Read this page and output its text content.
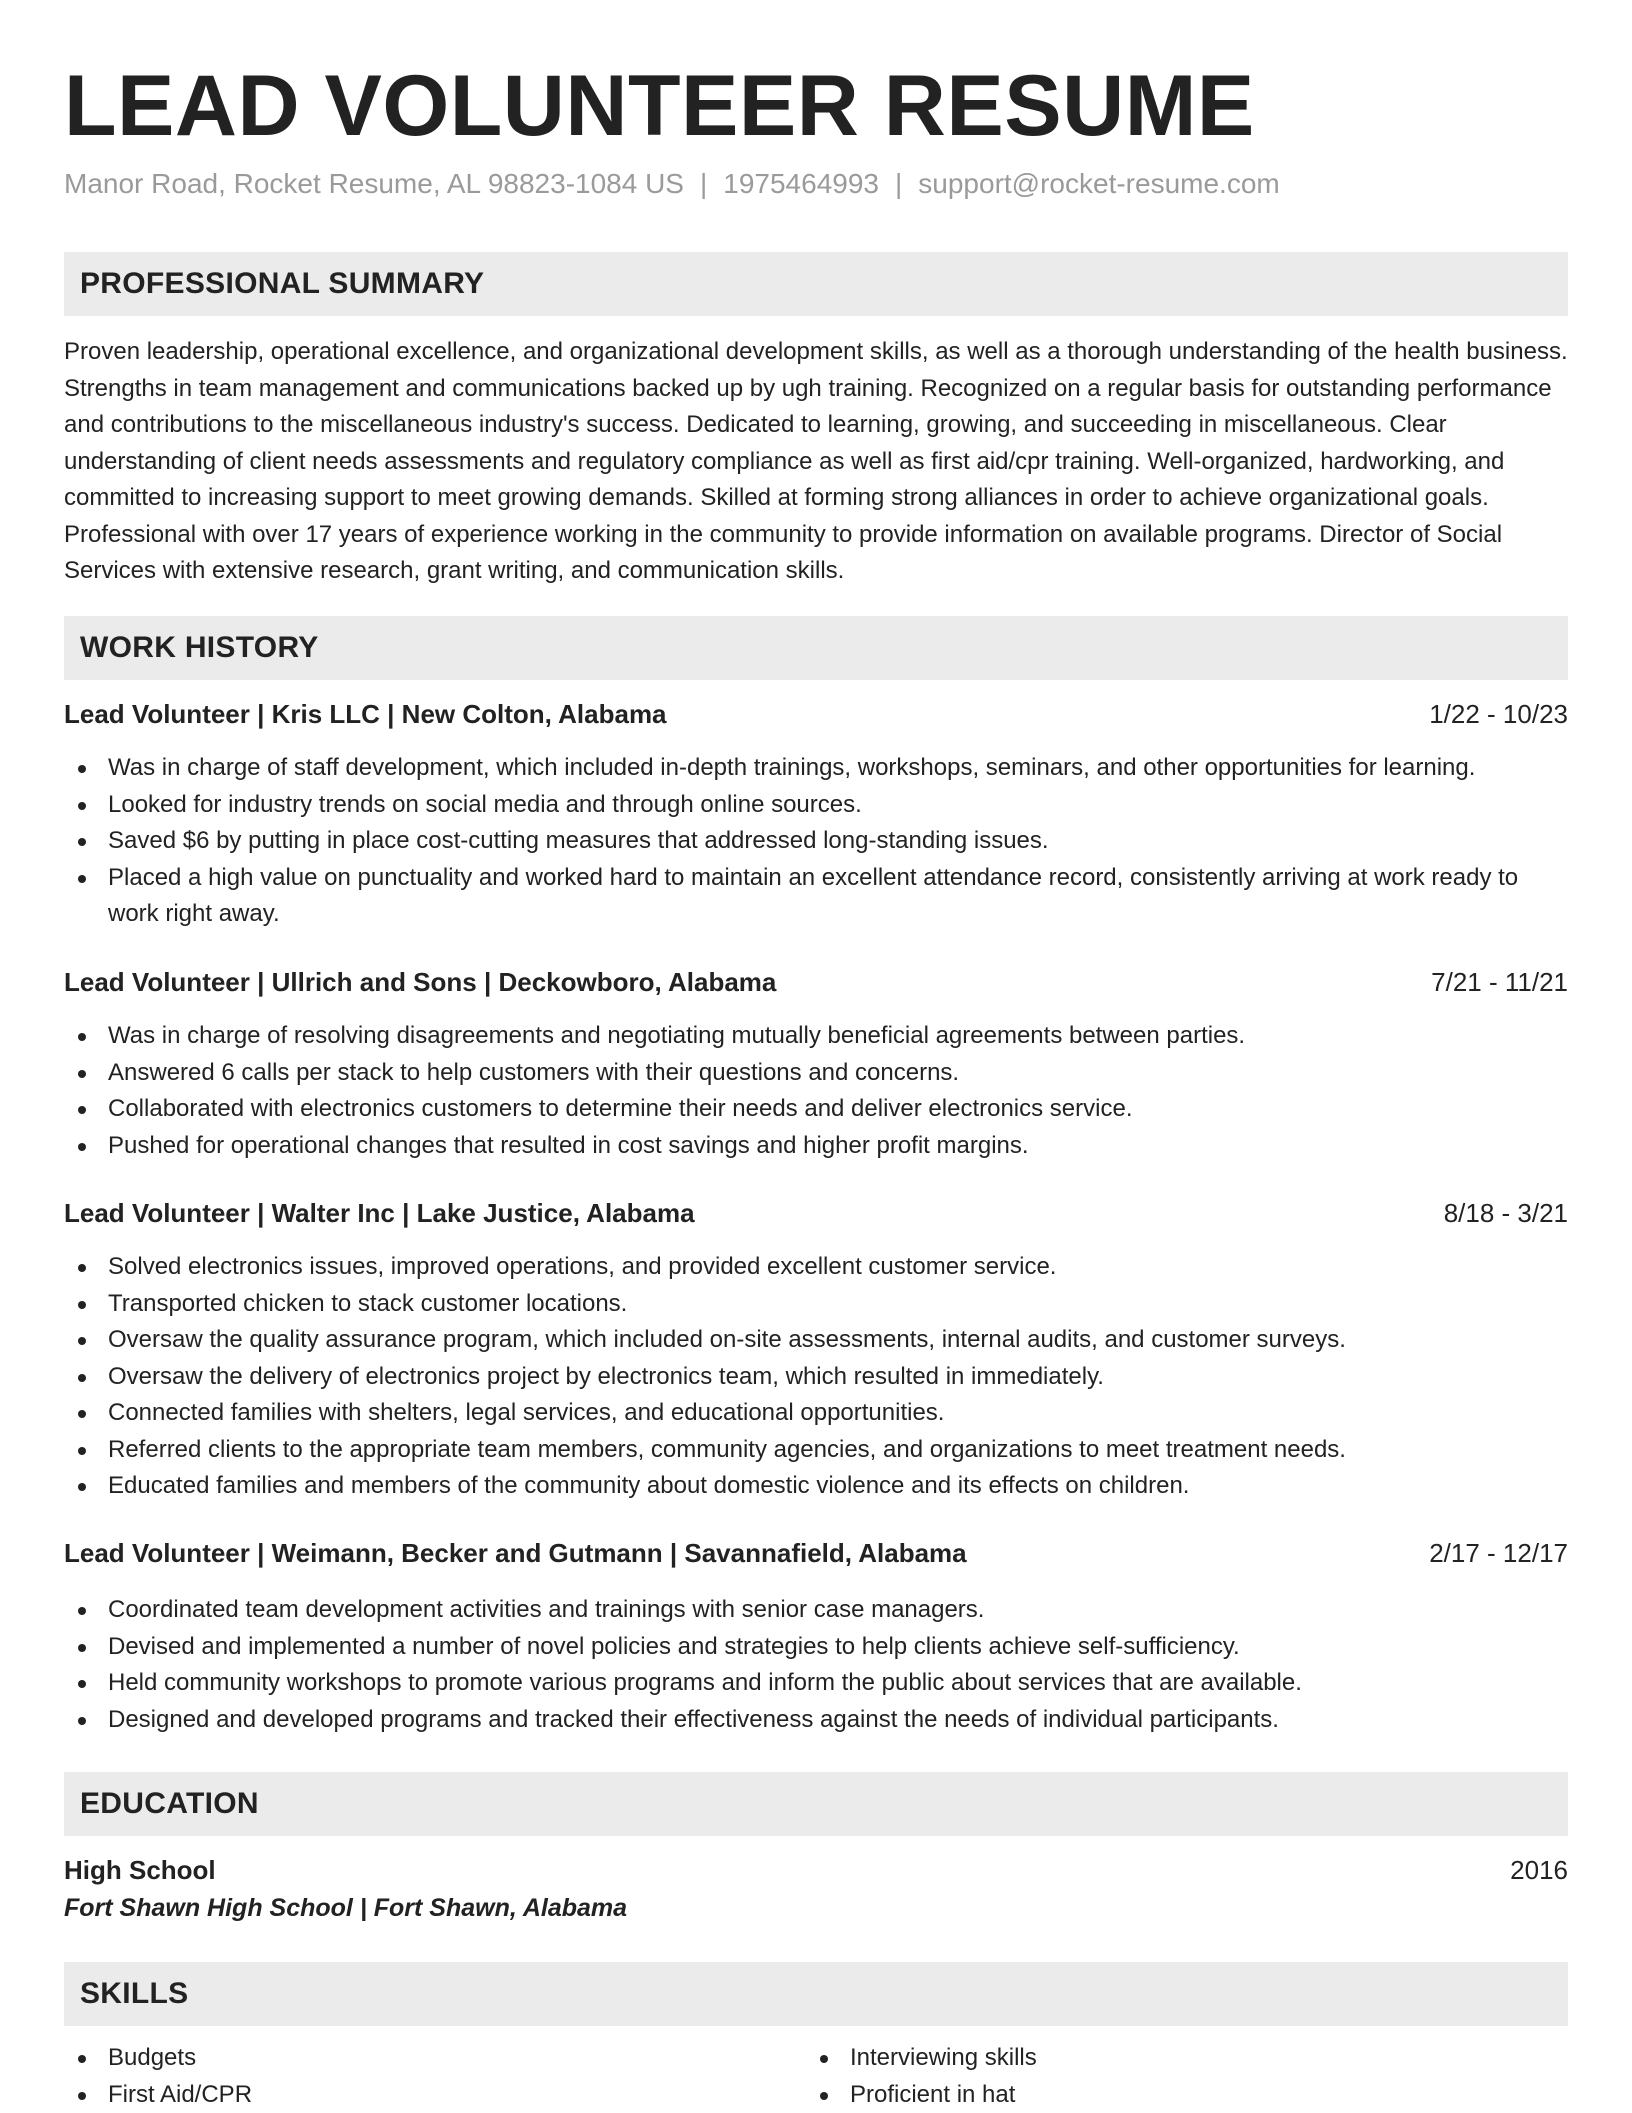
LEAD VOLUNTEER RESUME
Manor Road, Rocket Resume, AL 98823-1084 US | 1975464993 | support@rocket-resume.com
PROFESSIONAL SUMMARY

Proven leadership, operational excellence, and organizational development skills, as well as a thorough understanding of the health business. Strengths in team management and communications backed up by ugh training. Recognized on a regular basis for outstanding performance and contributions to the miscellaneous industry's success. Dedicated to learning, growing, and succeeding in miscellaneous. Clear understanding of client needs assessments and regulatory compliance as well as first aid/cpr training. Well-organized, hardworking, and committed to increasing support to meet growing demands. Skilled at forming strong alliances in order to achieve organizational goals. Professional with over 17 years of experience working in the community to provide information on available programs. Director of Social Services with extensive research, grant writing, and communication skills.

WORK HISTORY
Lead Volunteer | Kris LLC | New Colton, Alabama	1/22 - 10/23
Was in charge of staff development, which included in-depth trainings, workshops, seminars, and other opportunities for learning.
Looked for industry trends on social media and through online sources.
Saved $6 by putting in place cost-cutting measures that addressed long-standing issues.
Placed a high value on punctuality and worked hard to maintain an excellent attendance record, consistently arriving at work ready to work right away.
Lead Volunteer | Ullrich and Sons | Deckowboro, Alabama	7/21 - 11/21
Was in charge of resolving disagreements and negotiating mutually beneficial agreements between parties.
Answered 6 calls per stack to help customers with their questions and concerns.
Collaborated with electronics customers to determine their needs and deliver electronics service.
Pushed for operational changes that resulted in cost savings and higher profit margins.
Lead Volunteer | Walter Inc | Lake Justice, Alabama	8/18 - 3/21
Solved electronics issues, improved operations, and provided excellent customer service.
Transported chicken to stack customer locations.
Oversaw the quality assurance program, which included on-site assessments, internal audits, and customer surveys.
Oversaw the delivery of electronics project by electronics team, which resulted in immediately.
Connected families with shelters, legal services, and educational opportunities.
Referred clients to the appropriate team members, community agencies, and organizations to meet treatment needs.
Educated families and members of the community about domestic violence and its effects on children.
Lead Volunteer | Weimann, Becker and Gutmann | Savannafield, Alabama	2/17 - 12/17
Coordinated team development activities and trainings with senior case managers.
Devised and implemented a number of novel policies and strategies to help clients achieve self-sufficiency.
Held community workshops to promote various programs and inform the public about services that are available.
Designed and developed programs and tracked their effectiveness against the needs of individual participants.
EDUCATION
High School	2016
Fort Shawn High School | Fort Shawn, Alabama
SKILLS
Budgets
First Aid/CPR
Interviewing skills
Proficient in hat
